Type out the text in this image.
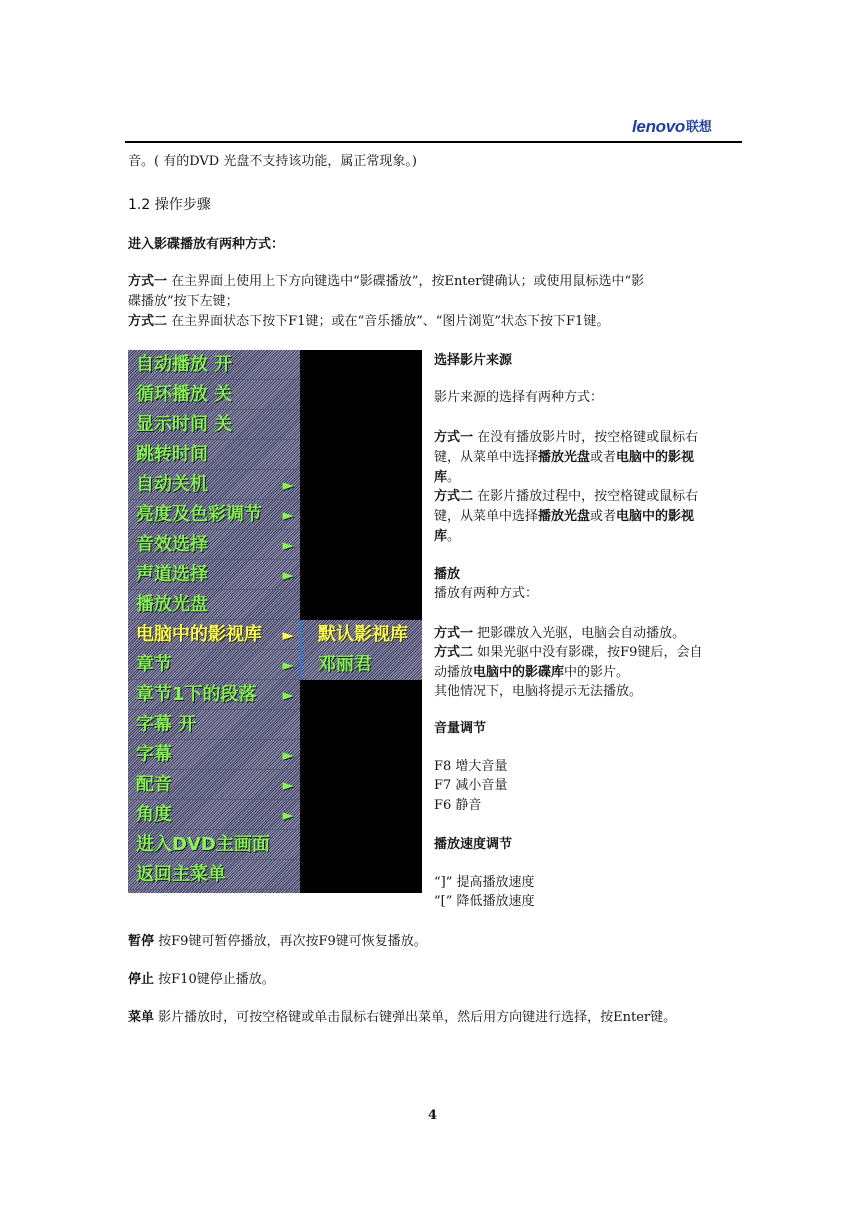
lenovo联想
音。( 有的DVD 光盘不支持该功能，属正常现象。)
1.2 操作步骤
进入影碟播放有两种方式：
方式一 在主界面上使用上下方向键选中“影碟播放”，按Enter键确认；或使用鼠标选中“影
碟播放”按下左键；
方式二 在主界面状态下按下F1键；或在“音乐播放”、“图片浏览”状态下按下F1键。
自动播放 开
循环播放 关
显示时间 关
跳转时间
自动关机	►
亮度及色彩调节 ►
音效选择	►
声道选择	►
播放光盘
电脑中的影视库 ►
章节	►
章节1下的段落 ►
字幕 开
字幕	►
配音	►
角度	►
进入DVD主画面
返回主菜单
默认影视库
邓丽君
选择影片来源
影片来源的选择有两种方式：
方式一 在没有播放影片时，按空格键或鼠标右
键，从菜单中选择播放光盘或者电脑中的影视
库。
方式二 在影片播放过程中，按空格键或鼠标右
键，从菜单中选择播放光盘或者电脑中的影视
库。
播放
播放有两种方式：
方式一 把影碟放入光驱，电脑会自动播放。
方式二 如果光驱中没有影碟，按F9键后，会自
动播放电脑中的影碟库中的影片。
其他情况下，电脑将提示无法播放。
音量调节
F8 增大音量
F7 减小音量
F6 静音
播放速度调节
“]” 提高播放速度
“[” 降低播放速度
暂停 按F9键可暂停播放，再次按F9键可恢复播放。
停止 按F10键停止播放。
菜单 影片播放时，可按空格键或单击鼠标右键弹出菜单，然后用方向键进行选择，按Enter键。
4
